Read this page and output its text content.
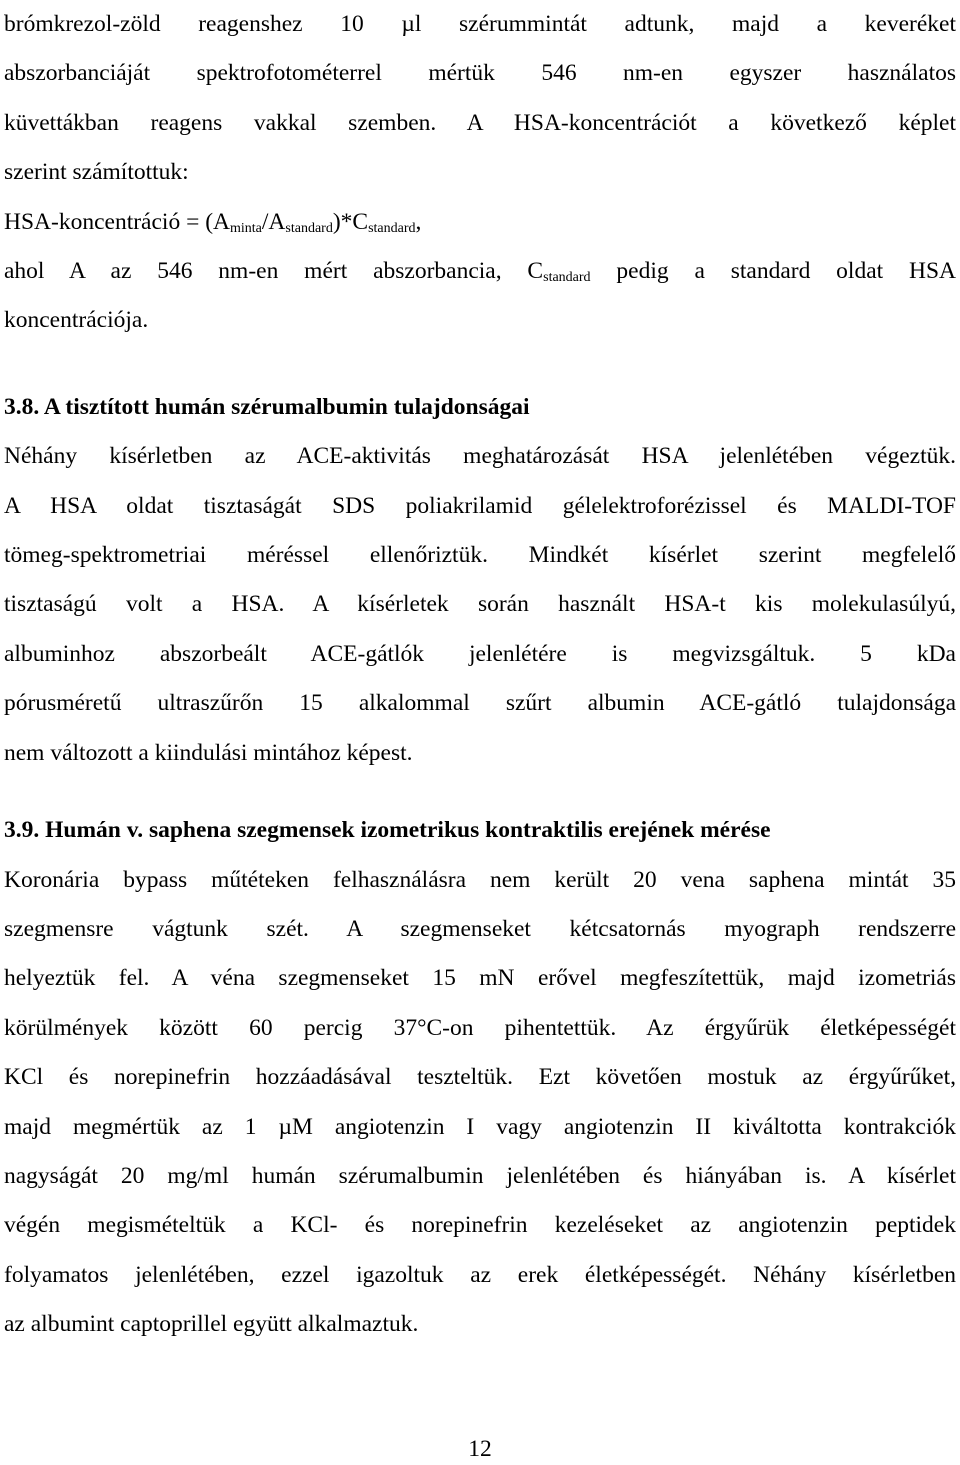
brómkrezol-zöld reagenshez 10 µl szérummintát adtunk, majd a keveréket
abszorbanciáját spektrofotométerrel mértük 546 nm-en egyszer használatos
küvettákban reagens vakkal szemben. A HSA-koncentrációt a következő képlet
szerint számítottuk:

HSA-koncentráció = $(A_{minta}/A_{standard})*C_{standard}$,

ahol A az 546 nm-en mért abszorbancia, $C_{standard}$ pedig a standard oldat HSA
koncentrációja.

3.8. A tisztított humán szérumalbumin tulajdonságai

Néhány kísérletben az ACE-aktivitás meghatározását HSA jelenlétében végeztük.
A HSA oldat tisztaságát SDS poliakrilamid gélelektroforézissel és MALDI-TOF
tömeg-spektrometriai méréssel ellenőriztük. Mindkét kísérlet szerint megfelelő
tisztaságú volt a HSA. A kísérletek során használt HSA-t kis molekulasúlyú,
albuminhoz abszorbeált ACE-gátlók jelenlétére is megvizsgáltuk. 5 kDa
pórusméretű ultraszűrőn 15 alkalommal szűrt albumin ACE-gátló tulajdonsága
nem változott a kiindulási mintához képest.

3.9. Humán v. saphena szegmensek izometrikus kontraktilis erejének mérése

Koronária bypass műtéteken felhasználásra nem került 20 vena saphena mintát 35
szegmensre vágtunk szét. A szegmenseket kétcsatornás myograph rendszerre
helyeztük fel. A véna szegmenseket 15 mN erővel megfeszítettük, majd izometriás
körülmények között 60 percig 37°C-on pihentettük. Az érgyűrük életképességét
KCl és norepinefrin hozzáadásával teszteltük. Ezt követően mostuk az érgyűrűket,
majd megmértük az 1 µM angiotenzin I vagy angiotenzin II kiváltotta kontrakciók
nagyságát 20 mg/ml humán szérumalbumin jelenlétében és hiányában is. A kísérlet
végén megismételtük a KCl- és norepinefrin kezeléseket az angiotenzin peptidek
folyamatos jelenlétében, ezzel igazoltuk az erek életképességét. Néhány kísérletben
az albumint captoprillel együtt alkalmaztuk.

12
